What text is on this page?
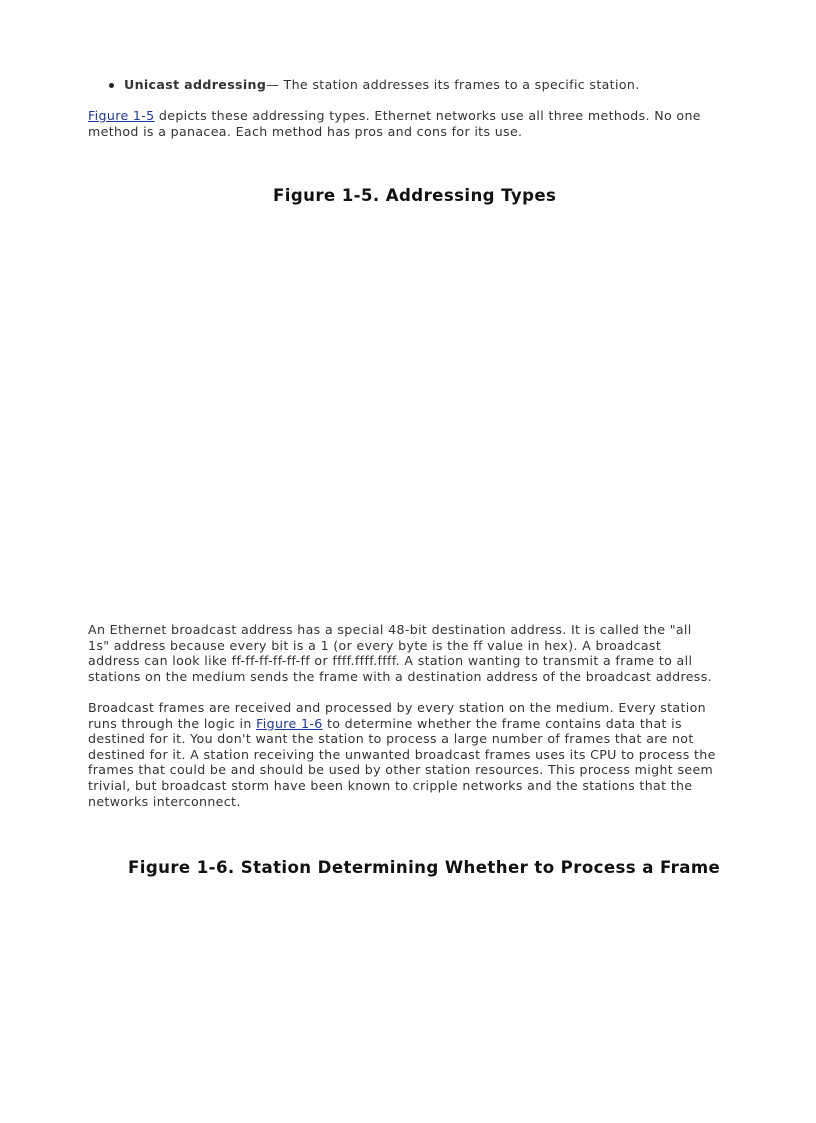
Unicast addressing— The station addresses its frames to a specific station.

Figure 1-5 depicts these addressing types. Ethernet networks use all three methods. No one
method is a panacea. Each method has pros and cons for its use.

Figure 1-5. Addressing Types

An Ethernet broadcast address has a special 48-bit destination address. It is called the "all
1s" address because every bit is a 1 (or every byte is the ff value in hex). A broadcast
address can look like ff-ff-ff-ff-ff-ff or ffff.ffff.ffff. A station wanting to transmit a frame to all
stations on the medium sends the frame with a destination address of the broadcast address.

Broadcast frames are received and processed by every station on the medium. Every station
runs through the logic in Figure 1-6 to determine whether the frame contains data that is
destined for it. You don't want the station to process a large number of frames that are not
destined for it. A station receiving the unwanted broadcast frames uses its CPU to process the
frames that could be and should be used by other station resources. This process might seem
trivial, but broadcast storm have been known to cripple networks and the stations that the
networks interconnect.

Figure 1-6. Station Determining Whether to Process a Frame
